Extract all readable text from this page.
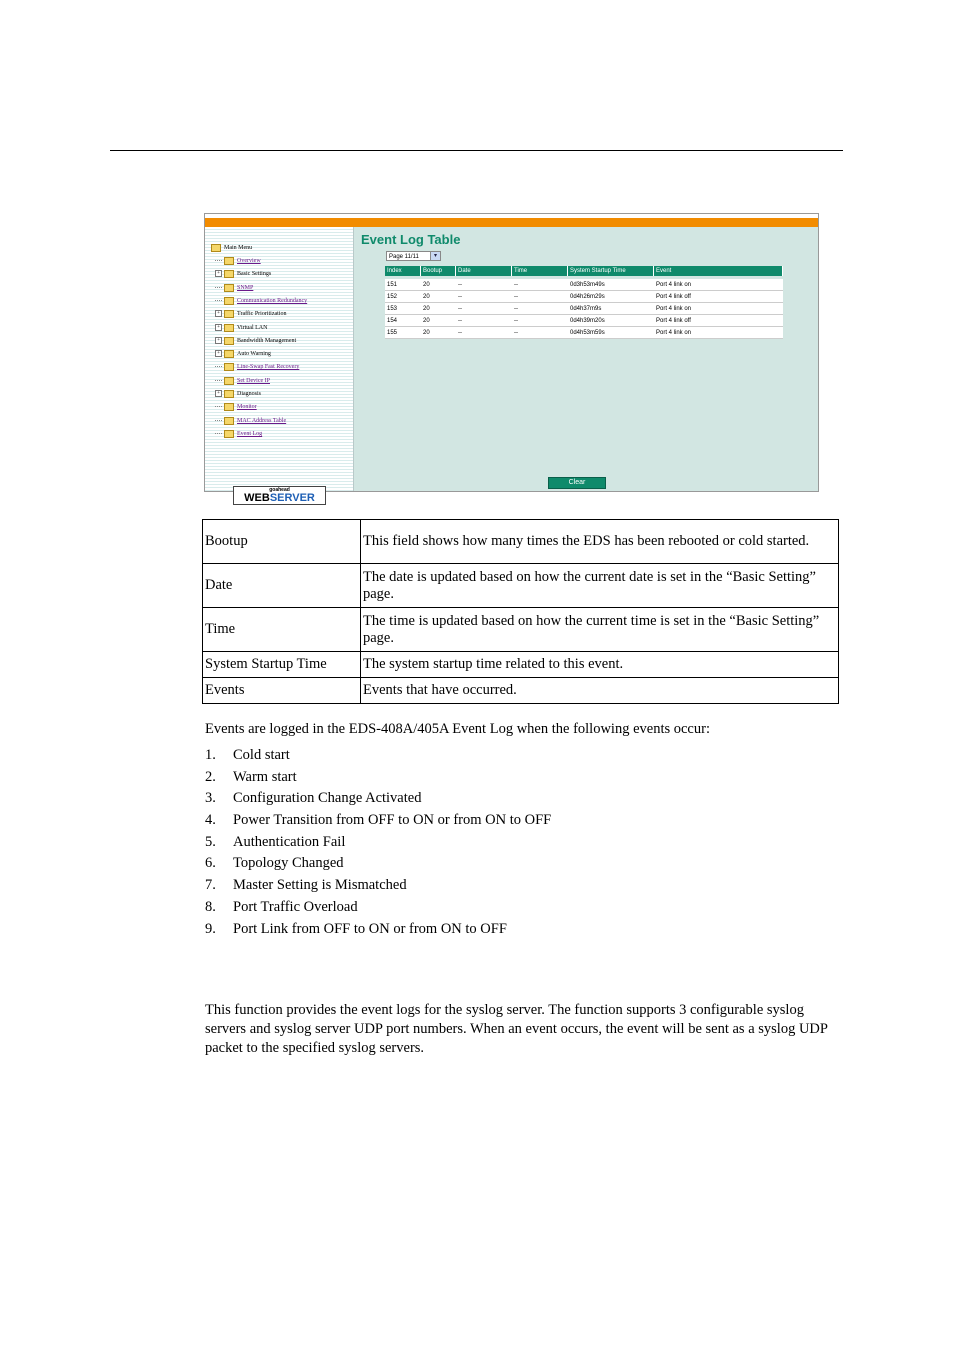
Main Menu
Overview
+	Basic Settings
SNMP
Communication Redundancy
+	Traffic Prioritization
+	Virtual LAN
+	Bandwidth Management
+	Auto Warning
Line-Swap Fast Recovery
Set Device IP
+	Diagnosis
Monitor
MAC Address Table
Event Log
goahead
WEBSERVER
Event Log Table
Page 11/11	▾
Index	Bootup	Date	Time	System Startup Time	Event

151	20	--	--	0d3h53m49s	Port 4 link on
152	20	--	--	0d4h26m29s	Port 4 link off
153	20	--	--	0d4h37m9s	Port 4 link on
154	20	--	--	0d4h39m20s	Port 4 link off
155	20	--	--	0d4h53m59s	Port 4 link on
Clear
Bootup	This field shows how many times the EDS has been rebooted or cold started.
Date	The date is updated based on how the current date is set in the “Basic Setting” page.
Time	The time is updated based on how the current time is set in the “Basic Setting” page.
System Startup Time	The system startup time related to this event.
Events	Events that have occurred.
Events are logged in the EDS-408A/405A Event Log when the following events occur:
1. Cold start
2. Warm start
3. Configuration Change Activated
4. Power Transition from OFF to ON or from ON to OFF
5. Authentication Fail
6. Topology Changed
7. Master Setting is Mismatched
8. Port Traffic Overload
9. Port Link from OFF to ON or from ON to OFF
This function provides the event logs for the syslog server. The function supports 3 configurable syslog servers and syslog server UDP port numbers. When an event occurs, the event will be sent as a syslog UDP packet to the specified syslog servers.
